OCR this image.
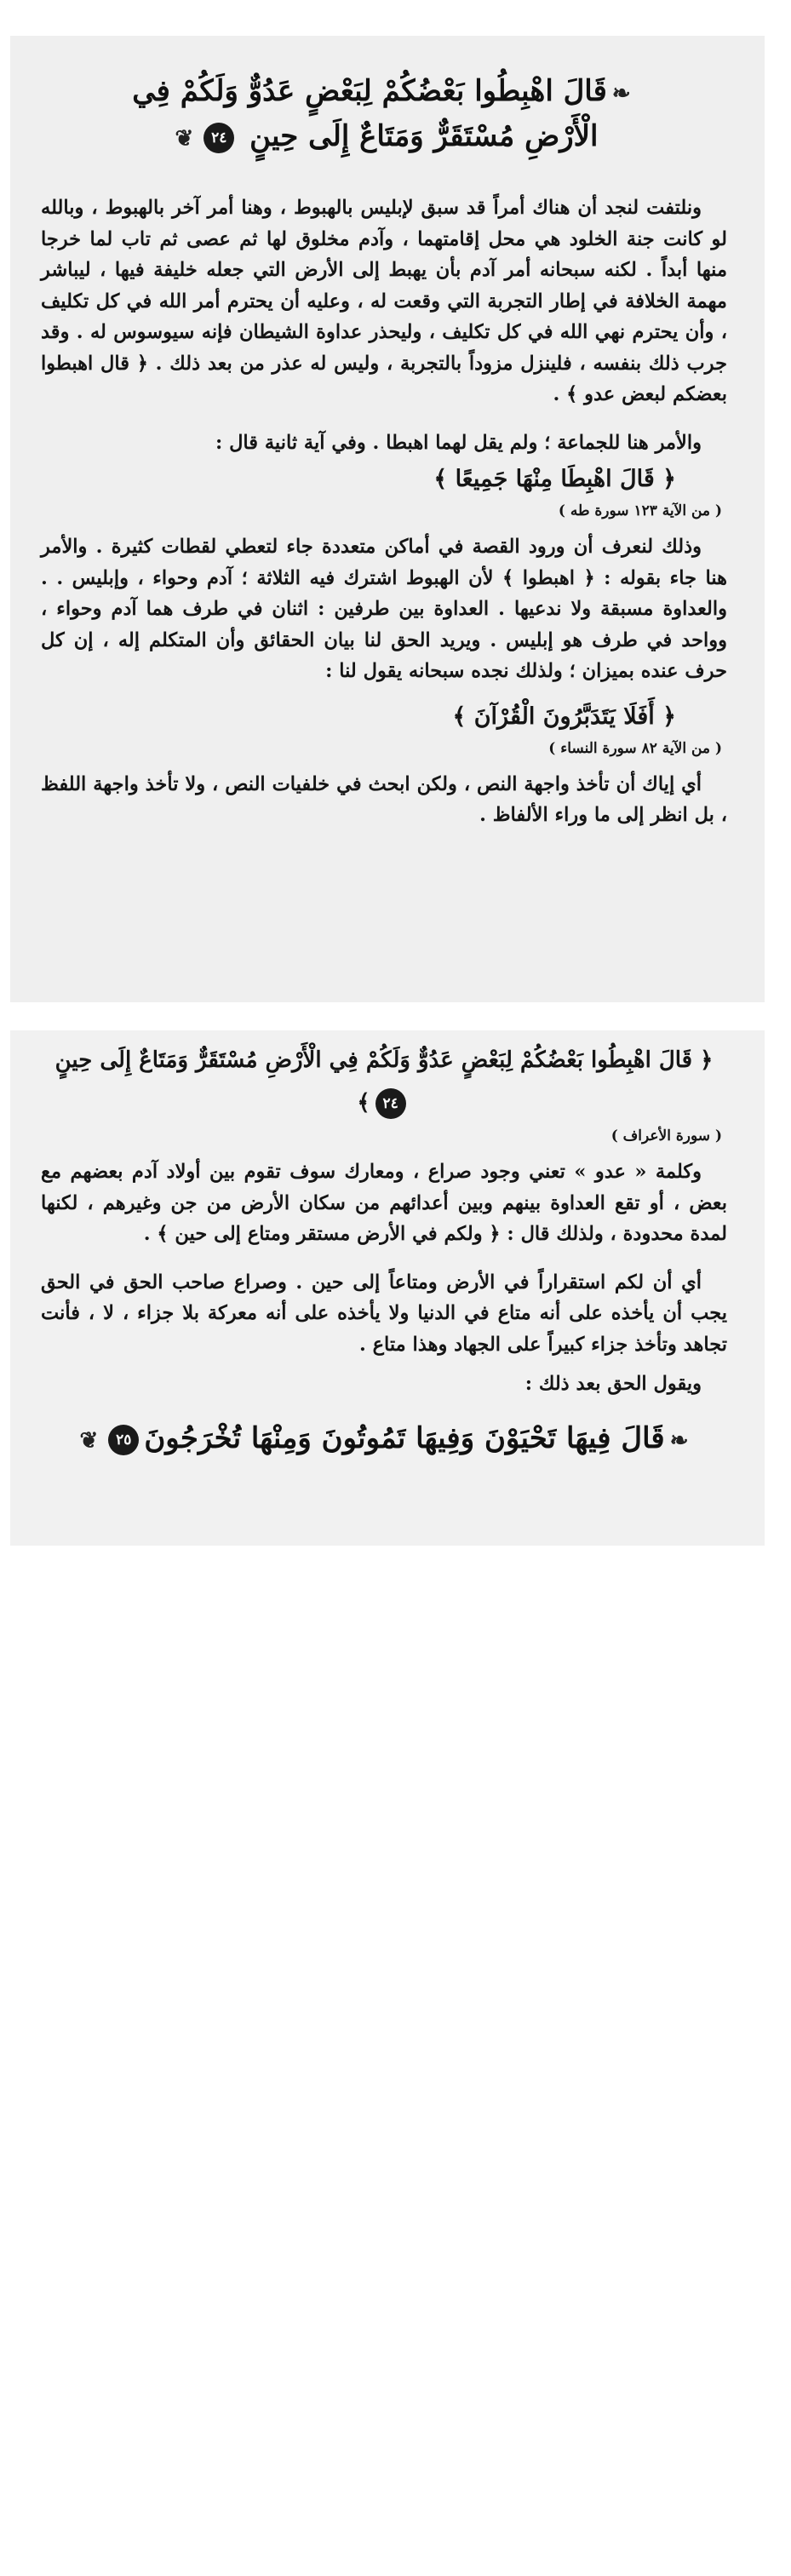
❧قَالَ اهْبِطُوا بَعْضُكُمْ لِبَعْضٍ عَدُوٌّ وَلَكُمْ فِي
الْأَرْضِ مُسْتَقَرٌّ وَمَتَاعٌ إِلَى حِينٍ ٢٤❦

ونلتفت لنجد أن هناك أمراً قد سبق لإبليس بالهبوط ، وهنا أمر آخر بالهبوط ، وبالله لو كانت جنة الخلود هي محل إقامتهما ، وآدم مخلوق لها ثم عصى ثم تاب لما خرجا منها أبداً . لكنه سبحانه أمر آدم بأن يهبط إلى الأرض التي جعله خليفة فيها ، ليباشر مهمة الخلافة في إطار التجربة التي وقعت له ، وعليه أن يحترم أمر الله في كل تكليف ، وأن يحترم نهي الله في كل تكليف ، وليحذر عداوة الشيطان فإنه سيوسوس له . وقد جرب ذلك بنفسه ، فلينزل مزوداً بالتجربة ، وليس له عذر من بعد ذلك . ﴿ قال اهبطوا بعضكم لبعض عدو ﴾ .

والأمر هنا للجماعة ؛ ولم يقل لهما اهبطا . وفي آية ثانية قال :

﴿ قَالَ اهْبِطَا مِنْهَا جَمِيعًا ﴾
( من الآية ١٢٣ سورة طه )

وذلك لنعرف أن ورود القصة في أماكن متعددة جاء لتعطي لقطات كثيرة . والأمر هنا جاء بقوله : ﴿ اهبطوا ﴾ لأن الهبوط اشترك فيه الثلاثة ؛ آدم وحواء ، وإبليس . . والعداوة مسبقة ولا ندعيها . العداوة بين طرفين : اثنان في طرف هما آدم وحواء ، وواحد في طرف هو إبليس . ويريد الحق لنا بيان الحقائق وأن المتكلم إله ، إن كل حرف عنده بميزان ؛ ولذلك نجده سبحانه يقول لنا :

﴿ أَفَلَا يَتَدَبَّرُونَ الْقُرْآنَ ﴾
( من الآية ٨٢ سورة النساء )

أي إياك أن تأخذ واجهة النص ، ولكن ابحث في خلفيات النص ، ولا تأخذ واجهة اللفظ ، بل انظر إلى ما وراء الألفاظ .

﴿ قَالَ اهْبِطُوا بَعْضُكُمْ لِبَعْضٍ عَدُوٌّ وَلَكُمْ فِي الْأَرْضِ مُسْتَقَرٌّ وَمَتَاعٌ إِلَى حِينٍ ٢٤﴾
( سورة الأعراف )

وكلمة « عدو » تعني وجود صراع ، ومعارك سوف تقوم بين أولاد آدم بعضهم مع بعض ، أو تقع العداوة بينهم وبين أعدائهم من سكان الأرض من جن وغيرهم ، لكنها لمدة محدودة ، ولذلك قال : ﴿ ولكم في الأرض مستقر ومتاع إلى حين ﴾ .

أي أن لكم استقراراً في الأرض ومتاعاً إلى حين . وصراع صاحب الحق في الحق يجب أن يأخذه على أنه متاع في الدنيا ولا يأخذه على أنه معركة بلا جزاء ، لا ، فأنت تجاهد وتأخذ جزاء كبيراً على الجهاد وهذا متاع .

ويقول الحق بعد ذلك :

❧قَالَ فِيهَا تَحْيَوْنَ وَفِيهَا تَمُوتُونَ وَمِنْهَا تُخْرَجُونَ٢٥❦
